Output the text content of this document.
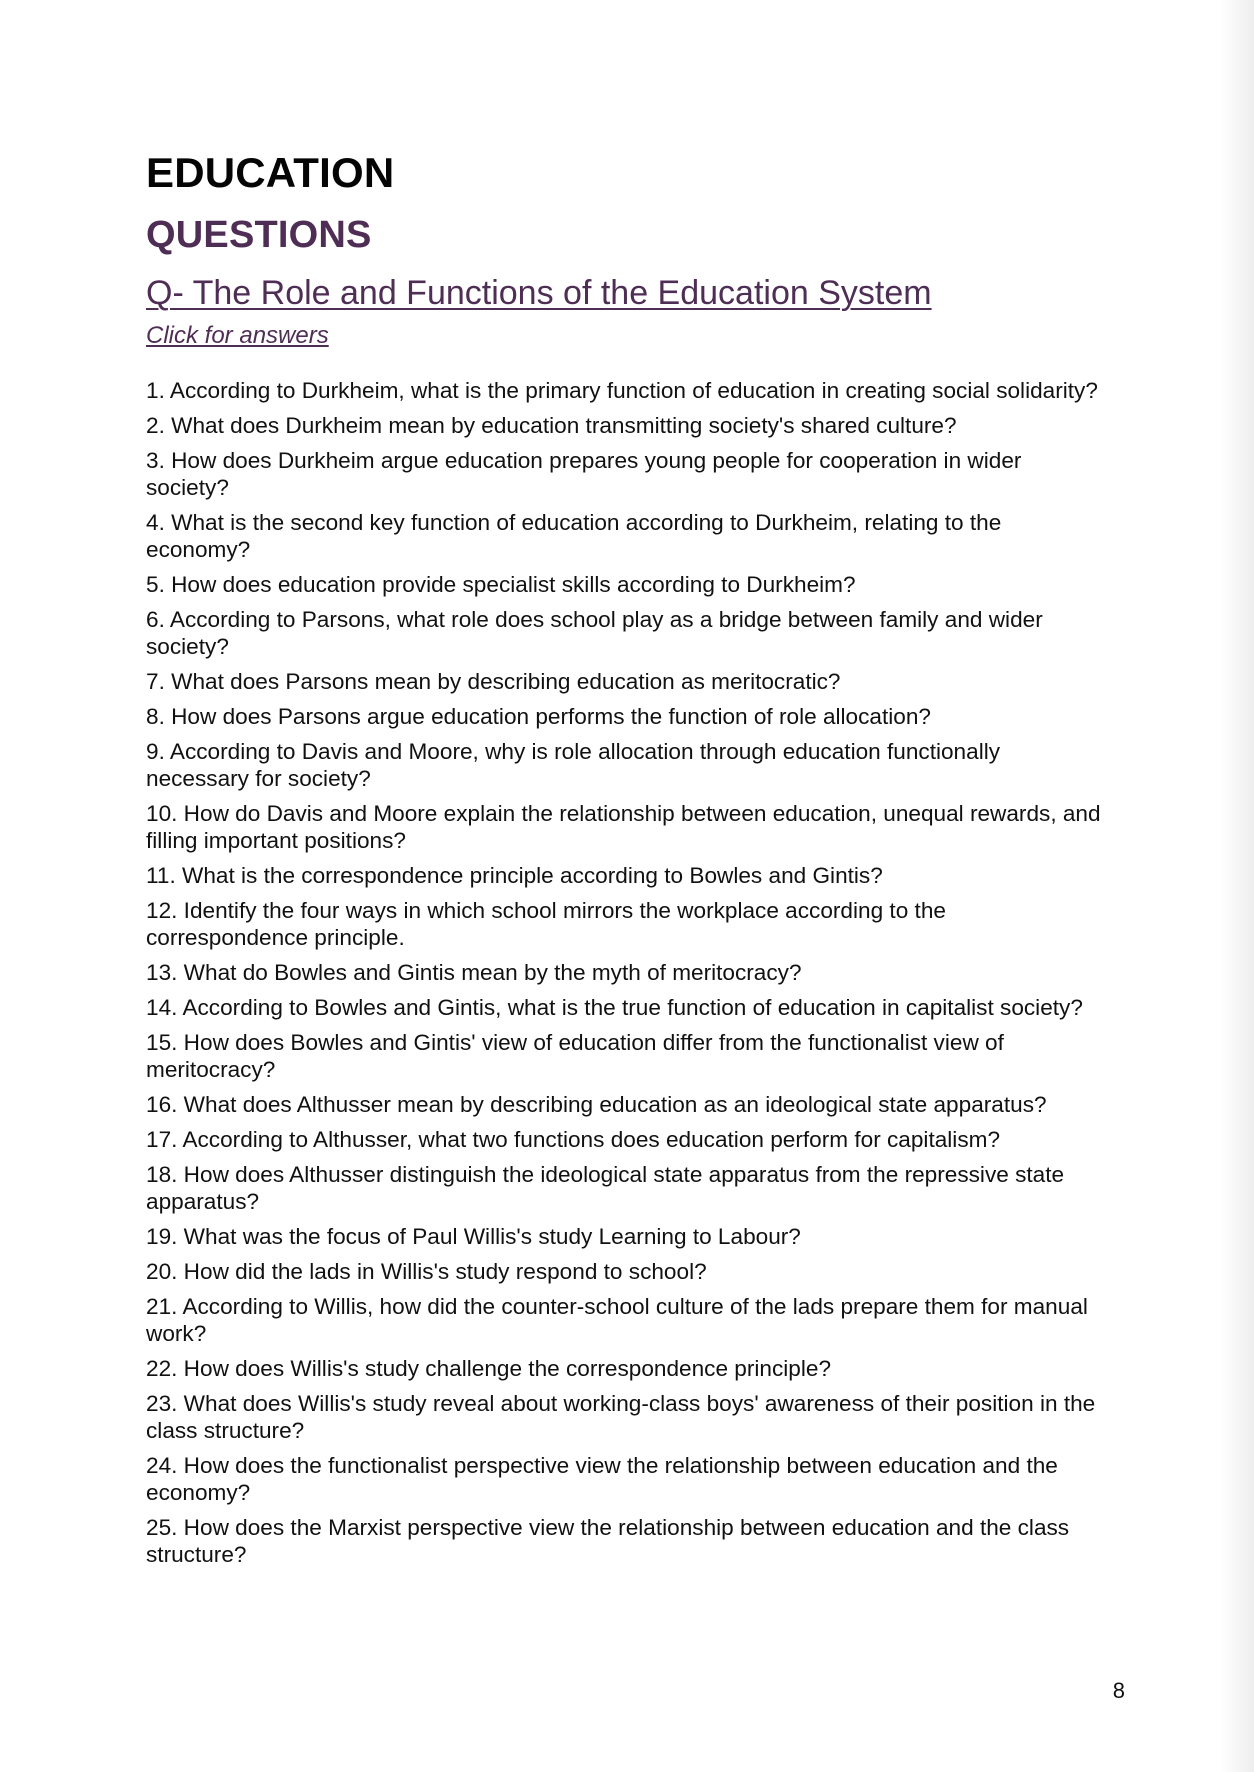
EDUCATION
QUESTIONS
Q- The Role and Functions of the Education System
Click for answers
1. According to Durkheim, what is the primary function of education in creating social solidarity?
2. What does Durkheim mean by education transmitting society's shared culture?
3. How does Durkheim argue education prepares young people for cooperation in wider society?
4. What is the second key function of education according to Durkheim, relating to the economy?
5. How does education provide specialist skills according to Durkheim?
6. According to Parsons, what role does school play as a bridge between family and wider society?
7. What does Parsons mean by describing education as meritocratic?
8. How does Parsons argue education performs the function of role allocation?
9. According to Davis and Moore, why is role allocation through education functionally necessary for society?
10. How do Davis and Moore explain the relationship between education, unequal rewards, and filling important positions?
11. What is the correspondence principle according to Bowles and Gintis?
12. Identify the four ways in which school mirrors the workplace according to the correspondence principle.
13. What do Bowles and Gintis mean by the myth of meritocracy?
14. According to Bowles and Gintis, what is the true function of education in capitalist society?
15. How does Bowles and Gintis' view of education differ from the functionalist view of meritocracy?
16. What does Althusser mean by describing education as an ideological state apparatus?
17. According to Althusser, what two functions does education perform for capitalism?
18. How does Althusser distinguish the ideological state apparatus from the repressive state apparatus?
19. What was the focus of Paul Willis's study Learning to Labour?
20. How did the lads in Willis's study respond to school?
21. According to Willis, how did the counter-school culture of the lads prepare them for manual work?
22. How does Willis's study challenge the correspondence principle?
23. What does Willis's study reveal about working-class boys' awareness of their position in the class structure?
24. How does the functionalist perspective view the relationship between education and the economy?
25. How does the Marxist perspective view the relationship between education and the class structure?
8
